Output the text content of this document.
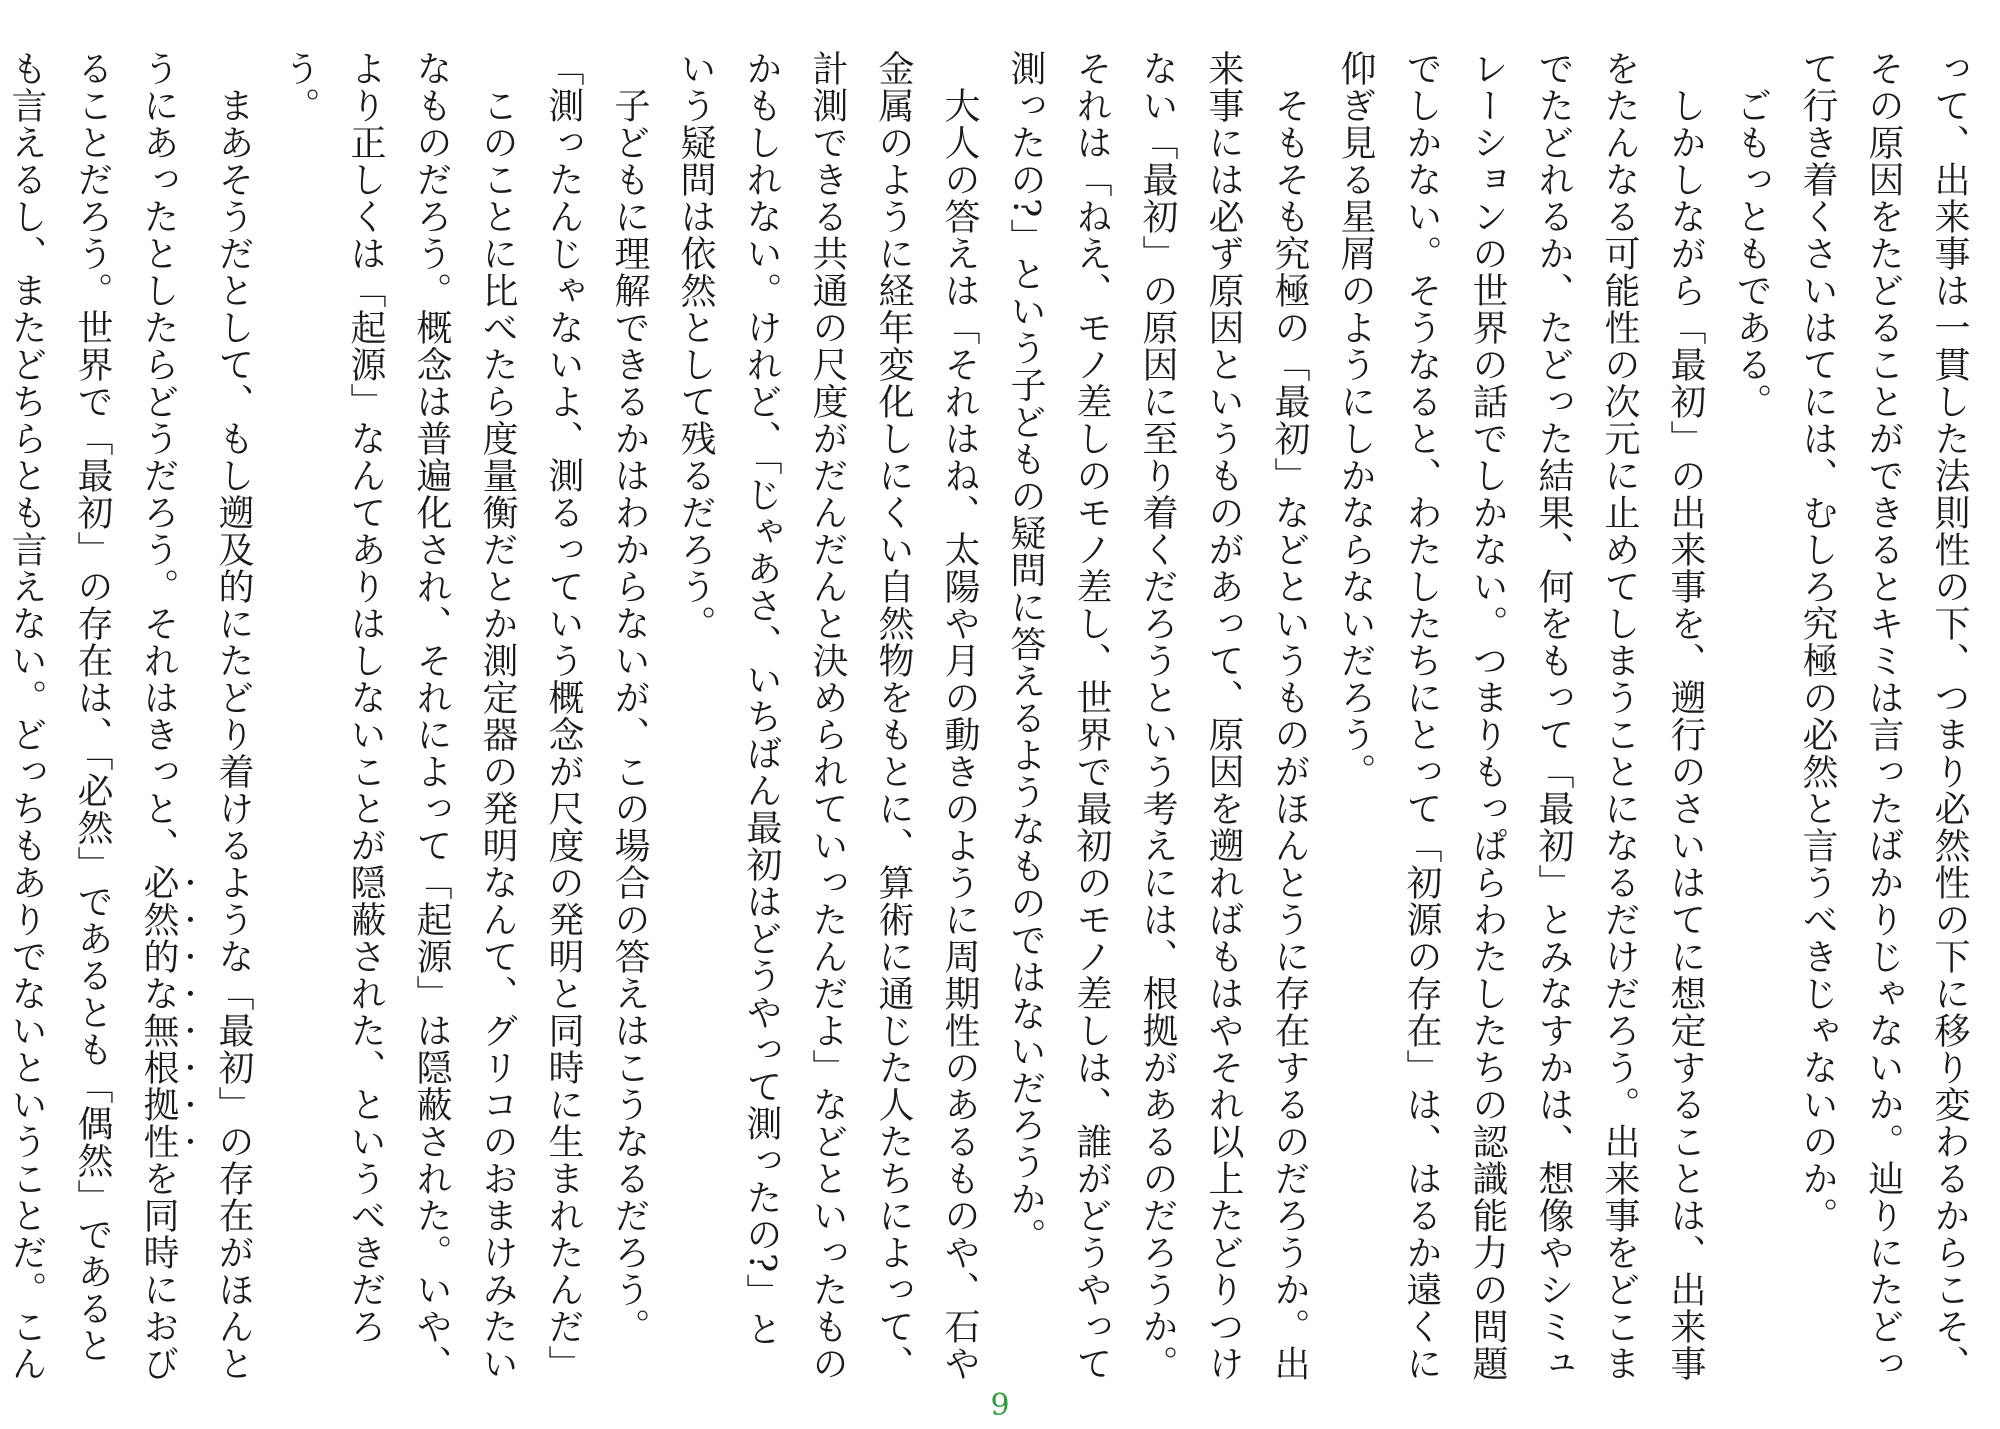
って、出来事は一貫した法則性の下、つまり必然性の下に移り変わるからこそ、その原因をたどることができるとキミは言ったばかりじゃないか。辿りにたどって行き着くさいはてには、むしろ究極の必然と言うべきじゃないのか。

　ごもっともである。

　しかしながら「最初」の出来事を、遡行のさいはてに想定することは、出来事をたんなる可能性の次元に止めてしまうことになるだけだろう。出来事をどこまでたどれるか、たどった結果、何をもって「最初」とみなすかは、想像やシミュレーションの世界の話でしかない。つまりもっぱらわたしたちの認識能力の問題でしかない。そうなると、わたしたちにとって「初源の存在」は、はるか遠くに仰ぎ見る星屑のようにしかならないだろう。

　そもそも究極の「最初」などというものがほんとうに存在するのだろうか。出来事には必ず原因というものがあって、原因を遡ればもはやそれ以上たどりつけない「最初」の原因に至り着くだろうという考えには、根拠があるのだろうか。それは「ねえ、モノ差しのモノ差し、世界で最初のモノ差しは、誰がどうやって測ったの?」という子どもの疑問に答えるようなものではないだろうか。

　大人の答えは「それはね、太陽や月の動きのように周期性のあるものや、石や金属のように経年変化しにくい自然物をもとに、算術に通じた人たちによって、計測できる共通の尺度がだんだんと決められていったんだよ」などといったものかもしれない。けれど、「じゃあさ、いちばん最初はどうやって測ったの?」という疑問は依然として残るだろう。

　子どもに理解できるかはわからないが、この場合の答えはこうなるだろう。「測ったんじゃないよ、測るっていう概念が尺度の発明と同時に生まれたんだ」

　このことに比べたら度量衡だとか測定器の発明なんて、グリコのおまけみたいなものだろう。概念は普遍化され、それによって「起源」は隠蔽された。いや、より正しくは「起源」なんてありはしないことが隠蔽された、というべきだろう。

　まあそうだとして、もし遡及的にたどり着けるような「最初」の存在がほんとうにあったとしたらどうだろう。それはきっと、必然的な無根拠性を同時におびることだろう。世界で「最初」の存在は、「必然」であるとも「偶然」であるとも言えるし、またどちらとも言えない。どっちもありでないということだ。こん

9
